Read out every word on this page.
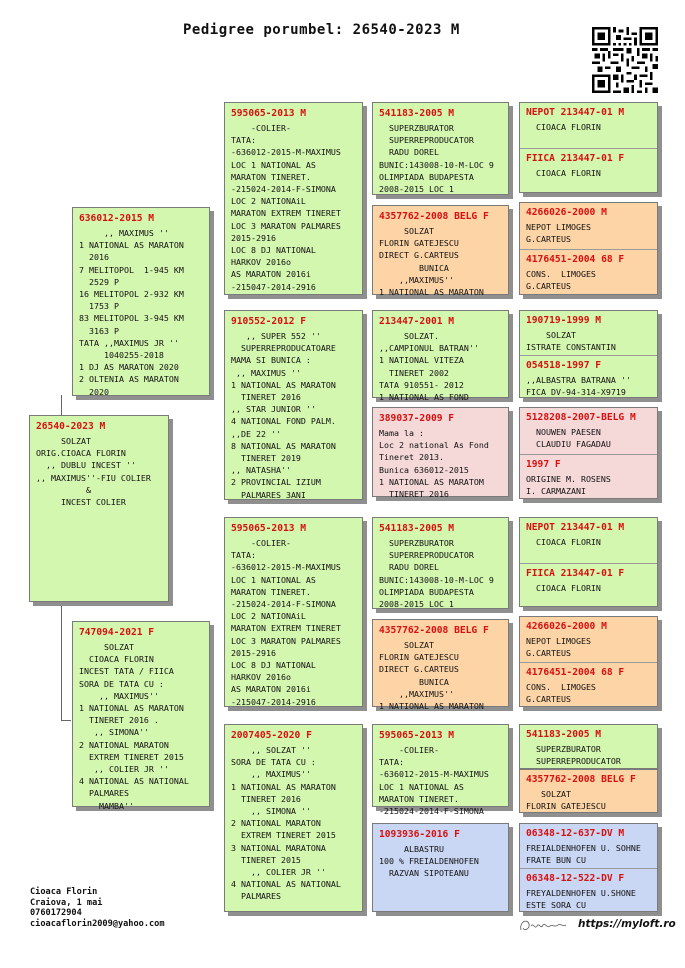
Pedigree porumbel: 26540-2023 M
26540-2023 M
SOLZAT
ORIG.CIOACA FLORIN
,, DUBLU INCEST ''
,, MAXIMUS''-FIU COLIER
&
INCEST COLIER
636012-2015 M
,, MAXIMUS ''
1 NATIONAL AS MARATON
2016
7 MELITOPOL  1-945 KM
2529 P
16 MELITOPOL 2-932 KM
1753 P
83 MELITOPOL 3-945 KM
3163 P
TATA ,,MAXIMUS JR ''
1040255-2018
1 DJ AS MARATON 2020
2 OLTENIA AS MARATON
2020
747094-2021 F
SOLZAT
CIOACA FLORIN
INCEST TATA / FIICA
SORA DE TATA CU :
,, MAXIMUS''
1 NATIONAL AS MARATON
TINERET 2016 .
,, SIMONA''
2 NATIONAL MARATON
EXTREM TINERET 2015
,, COLIER JR ''
4 NATIONAL AS NATIONAL
PALMARES
MAMBA''
595065-2013 M
-COLIER-
TATA:
-636012-2015-M-MAXIMUS
LOC 1 NATIONAL AS
MARATON TINERET.
-215024-2014-F-SIMONA
LOC 2 NATIONAiL
MARATON EXTREM TINERET
LOC 3 MARATON PALMARES
2015-2916
LOC 8 DJ NATIONAL
HARKOV 2016o
AS MARATON 2016i
-215047-2014-2916
910552-2012 F
,, SUPER 552 ''
SUPERREPRODUCATOARE
MAMA SI BUNICA :
,, MAXIMUS ''
1 NATIONAL AS MARATON
TINERET 2016
,, STAR JUNIOR ''
4 NATIONAL FOND PALM.
,,DE 22 ''
8 NATIONAL AS MARATON
TINERET 2019
,, NATASHA''
2 PROVINCIAL IZIUM
PALMARES 3ANI
595065-2013 M
-COLIER-
TATA:
-636012-2015-M-MAXIMUS
LOC 1 NATIONAL AS
MARATON TINERET.
-215024-2014-F-SIMONA
LOC 2 NATIONAiL
MARATON EXTREM TINERET
LOC 3 MARATON PALMARES
2015-2916
LOC 8 DJ NATIONAL
HARKOV 2016o
AS MARATON 2016i
-215047-2014-2916
2007405-2020 F
,, SOLZAT ''
SORA DE TATA CU :
,, MAXIMUS''
1 NATIONAL AS MARATON
TINERET 2016
,, SIMONA ''
2 NATIONAL MARATON
EXTREM TINERET 2015
3 NATIONAL MARATONA
TINERET 2015
,, COLIER JR ''
4 NATIONAL AS NATIONAL
PALMARES
541183-2005 M
SUPERZBURATOR
SUPERREPRODUCATOR
RADU DOREL
BUNIC:143008-10-M-LOC 9
OLIMPIADA BUDAPESTA
2008-2015 LOC 1
4357762-2008 BELG F
SOLZAT
FLORIN GATEJESCU
DIRECT G.CARTEUS
BUNICA
,,MAXIMUS''
1 NATIONAL AS MARATON
213447-2001 M
SOLZAT.
,,CAMPIONUL BATRAN''
1 NATIONAL VITEZA
TINERET 2002
TATA 910551- 2012
1 NATIONAL AS FOND
389037-2009 F
Mama la :
Loc 2 national As Fond
Tineret 2013.
Bunica 636012-2015
1 NATIONAL AS MARATOM
TINERET 2016
541183-2005 M
SUPERZBURATOR
SUPERREPRODUCATOR
RADU DOREL
BUNIC:143008-10-M-LOC 9
OLIMPIADA BUDAPESTA
2008-2015 LOC 1
4357762-2008 BELG F
SOLZAT
FLORIN GATEJESCU
DIRECT G.CARTEUS
BUNICA
,,MAXIMUS''
1 NATIONAL AS MARATON
595065-2013 M
-COLIER-
TATA:
-636012-2015-M-MAXIMUS
LOC 1 NATIONAL AS
MARATON TINERET.
-215024-2014-F-SIMONA
1093936-2016 F
ALBASTRU
100 % FREIALDENHOFEN
RAZVAN SIPOTEANU
NEPOT 213447-01 M
CIOACA FLORIN
FIICA 213447-01 F
CIOACA FLORIN
4266026-2000 M
NEPOT LIMOGES
G.CARTEUS
4176451-2004 68 F
CONS.  LIMOGES
G.CARTEUS
190719-1999 M
SOLZAT
ISTRATE CONSTANTIN
054518-1997 F
,,ALBASTRA BATRANA ''
FICA DV-94-314-X9719
5128208-2007-BELG M
NOUWEN PAESEN
CLAUDIU FAGADAU
1997 F
ORIGINE M. ROSENS
I. CARMAZANI
NEPOT 213447-01 M
CIOACA FLORIN
FIICA 213447-01 F
CIOACA FLORIN
4266026-2000 M
NEPOT LIMOGES
G.CARTEUS
4176451-2004 68 F
CONS.  LIMOGES
G.CARTEUS
541183-2005 M
SUPERZBURATOR
SUPERREPRODUCATOR
4357762-2008 BELG F
SOLZAT
FLORIN GATEJESCU
06348-12-637-DV M
FREIALDENHOFEN U. SOHNE
FRATE BUN CU
06348-12-522-DV F
FREYALDENHOFEN U.SHONE
ESTE SORA CU
Cioaca Florin
Craiova, 1 mai
0760172904
cioacaflorin2009@yahoo.com	https://myloft.ro
